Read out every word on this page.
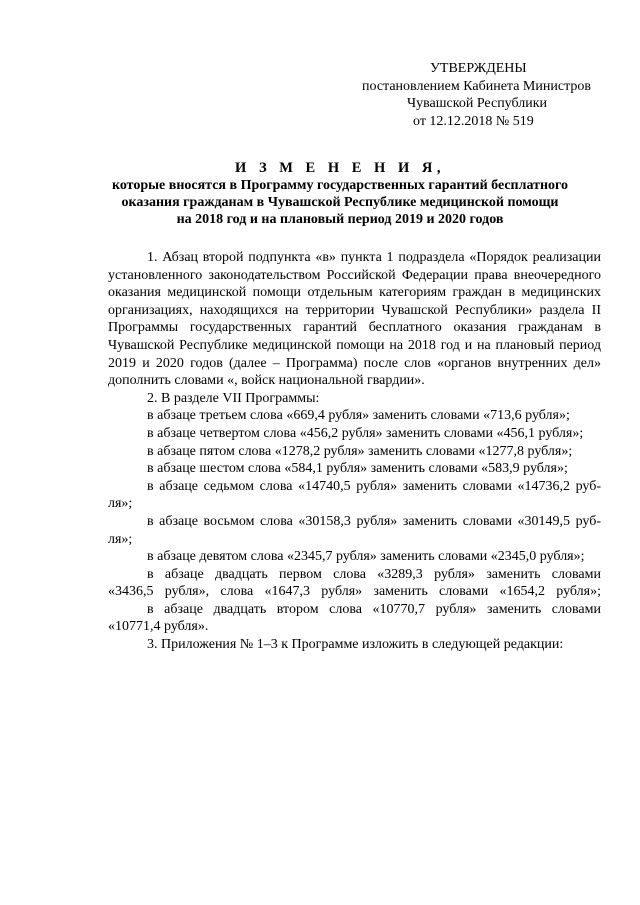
УТВЕРЖДЕНЫ
постановлением Кабинета Министров
Чувашской Республики
от 12.12.2018 № 519
И З М Е Н Е Н И Я,
которые вносятся в Программу государственных гарантий бесплатного
оказания гражданам в Чувашской Республике медицинской помощи
на 2018 год и на плановый период 2019 и 2020 годов
1. Абзац второй подпункта «в» пункта 1 подраздела «Порядок реализации установленного законодательством Российской Федерации права внеочередного оказания медицинской помощи отдельным категориям граждан в медицинских организациях, находящихся на территории Чувашской Республики» раздела II Программы государственных гарантий бесплатного оказания гражданам в Чувашской Республике медицинской помощи на 2018 год и на плановый период 2019 и 2020 годов (далее – Программа) после слов «органов внутренних дел» дополнить словами «, войск национальной гвардии».
2. В разделе VII Программы:
в абзаце третьем слова «669,4 рубля» заменить словами «713,6 рубля»;
в абзаце четвертом слова «456,2 рубля» заменить словами «456,1 рубля»;
в абзаце пятом слова «1278,2 рубля» заменить словами «1277,8 рубля»;
в абзаце шестом слова «584,1 рубля» заменить словами «583,9 рубля»;
в абзаце седьмом слова «14740,5 рубля» заменить словами «14736,2 руб-
ля»;
в абзаце восьмом слова «30158,3 рубля» заменить словами «30149,5 руб-
ля»;
в абзаце девятом слова «2345,7 рубля» заменить словами «2345,0 рубля»;
в абзаце двадцать первом слова «3289,3 рубля» заменить словами
«3436,5 рубля», слова «1647,3 рубля» заменить словами «1654,2 рубля»;
в абзаце двадцать втором слова «10770,7 рубля» заменить словами
«10771,4 рубля».
3. Приложения № 1–3 к Программе изложить в следующей редакции:
